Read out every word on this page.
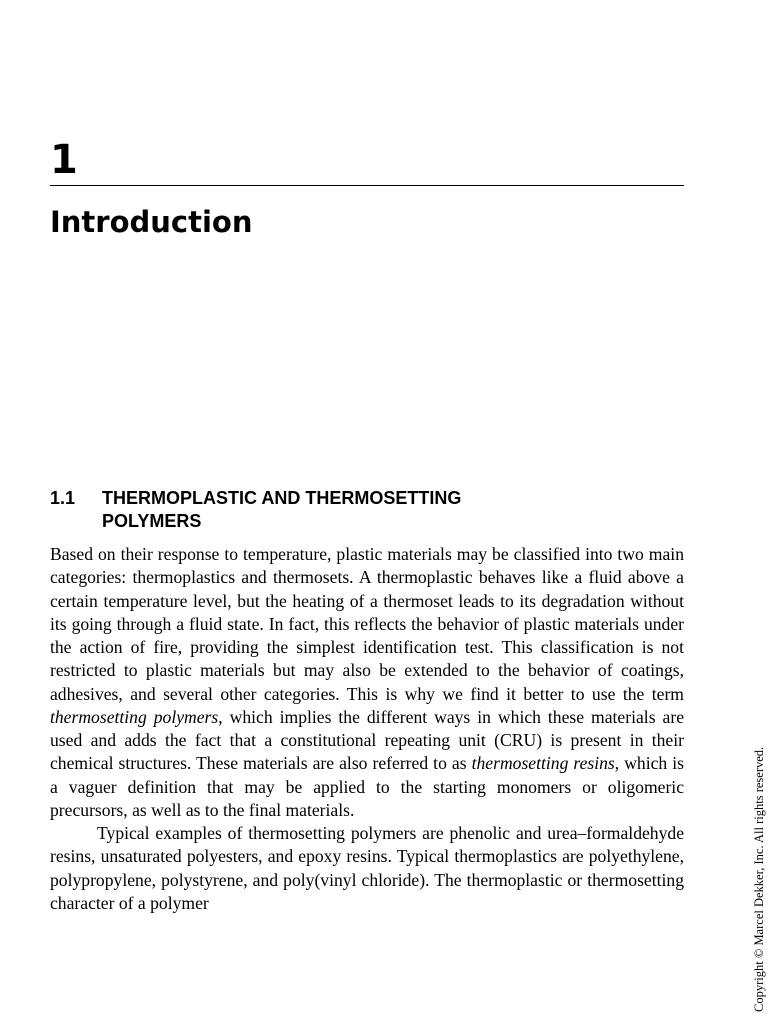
1
Introduction
1.1 THERMOPLASTIC AND THERMOSETTING POLYMERS

Based on their response to temperature, plastic materials may be classified into two main categories: thermoplastics and thermosets. A thermoplastic behaves like a fluid above a certain temperature level, but the heating of a thermoset leads to its degradation without its going through a fluid state. In fact, this reflects the behavior of plastic materials under the action of fire, providing the simplest identification test. This classification is not restricted to plastic materials but may also be extended to the behavior of coatings, adhesives, and several other categories. This is why we find it better to use the term thermosetting polymers, which implies the different ways in which these materials are used and adds the fact that a constitutional repeating unit (CRU) is present in their chemical structures. These materials are also referred to as thermosetting resins, which is a vaguer definition that may be applied to the starting monomers or oligomeric precursors, as well as to the final materials.

Typical examples of thermosetting polymers are phenolic and urea–formaldehyde resins, unsaturated polyesters, and epoxy resins. Typical thermoplastics are polyethylene, polypropylene, polystyrene, and poly(vinyl chloride). The thermoplastic or thermosetting character of a polymer	Copyright © Marcel Dekker, Inc. All rights reserved.
